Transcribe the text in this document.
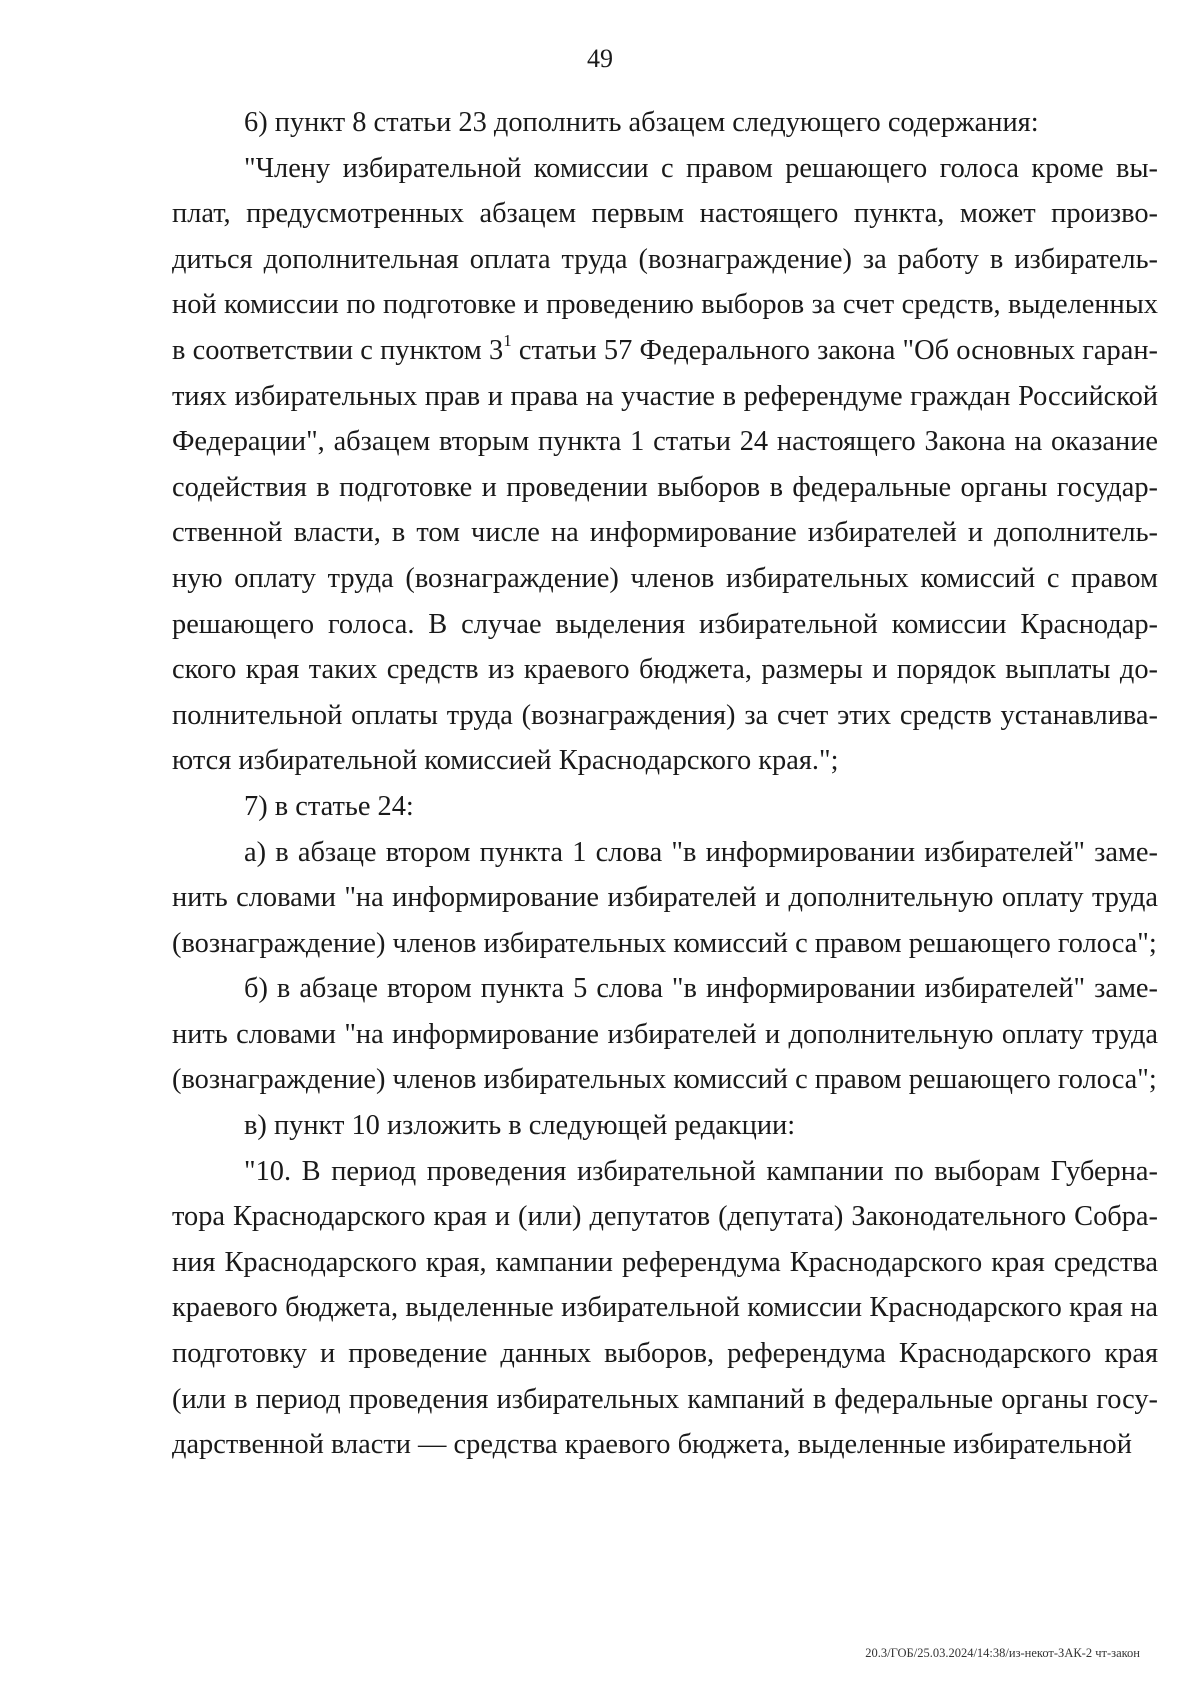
49

6) пункт 8 статьи 23 дополнить абзацем следующего содержания:

"Члену избирательной комиссии с правом решающего голоса кроме выплат, предусмотренных абзацем первым настоящего пункта, может производиться дополнительная оплата труда (вознаграждение) за работу в избирательной комиссии по подготовке и проведению выборов за счет средств, выделенных в соответствии с пунктом $3^1$ статьи 57 Федерального закона "Об основных гарантиях избирательных прав и права на участие в референдуме граждан Российской Федерации", абзацем вторым пункта 1 статьи 24 настоящего Закона на оказание содействия в подготовке и проведении выборов в федеральные органы государственной власти, в том числе на информирование избирателей и дополнительную оплату труда (вознаграждение) членов избирательных комиссий с правом решающего голоса. В случае выделения избирательной комиссии Краснодарского края таких средств из краевого бюджета, размеры и порядок выплаты дополнительной оплаты труда (вознаграждения) за счет этих средств устанавливаются избирательной комиссией Краснодарского края.";

7) в статье 24:

а) в абзаце втором пункта 1 слова "в информировании избирателей" заменить словами "на информирование избирателей и дополнительную оплату труда (вознаграждение) членов избирательных комиссий с правом решающего голоса";

б) в абзаце втором пункта 5 слова "в информировании избирателей" заменить словами "на информирование избирателей и дополнительную оплату труда (вознаграждение) членов избирательных комиссий с правом решающего голоса";

в) пункт 10 изложить в следующей редакции:

"10. В период проведения избирательной кампании по выборам Губернатора Краснодарского края и (или) депутатов (депутата) Законодательного Собрания Краснодарского края, кампании референдума Краснодарского края средства краевого бюджета, выделенные избирательной комиссии Краснодарского края на подготовку и проведение данных выборов, референдума Краснодарского края (или в период проведения избирательных кампаний в федеральные органы государственной власти — средства краевого бюджета, выделенные избирательной

20.3/ГОБ/25.03.2024/14:38/из-некот-ЗАК-2 чт-закон
